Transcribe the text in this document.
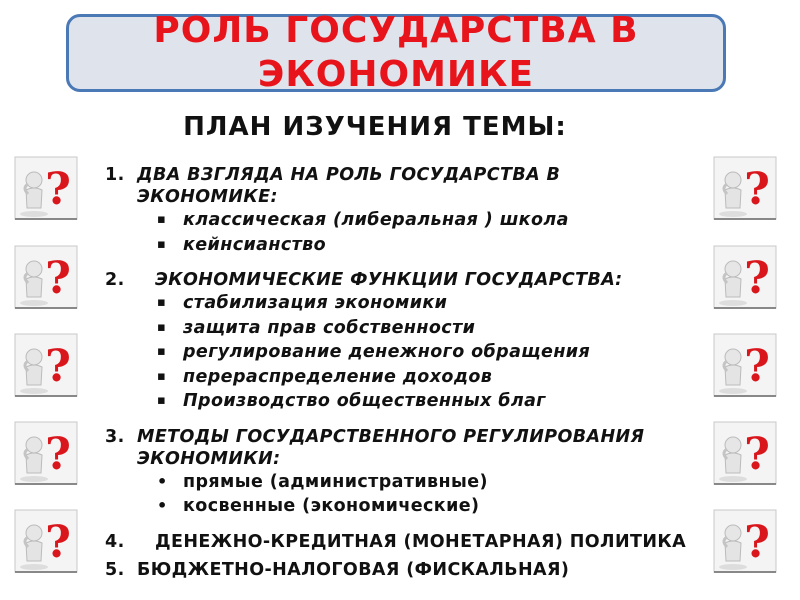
РОЛЬ ГОСУДАРСТВА В ЭКОНОМИКЕ
ПЛАН ИЗУЧЕНИЯ ТЕМЫ:
1. ДВА ВЗГЛЯДА НА РОЛЬ ГОСУДАРСТВА В ЭКОНОМИКЕ:
▪ классическая (либеральная ) школа
▪ кейнсианство
2.	ЭКОНОМИЧЕСКИЕ ФУНКЦИИ ГОСУДАРСТВА:
▪ стабилизация экономики
▪ защита прав собственности
▪ регулирование денежного обращения
▪ перераспределение доходов
▪ Производство общественных благ
3. МЕТОДЫ ГОСУДАРСТВЕННОГО РЕГУЛИРОВАНИЯ ЭКОНОМИКИ:
• прямые (административные)
• косвенные (экономические)
4.	ДЕНЕЖНО-КРЕДИТНАЯ (МОНЕТАРНАЯ) ПОЛИТИКА
5. БЮДЖЕТНО-НАЛОГОВАЯ (ФИСКАЛЬНАЯ)
?
?
?
?
?
?
?
?
?
?
